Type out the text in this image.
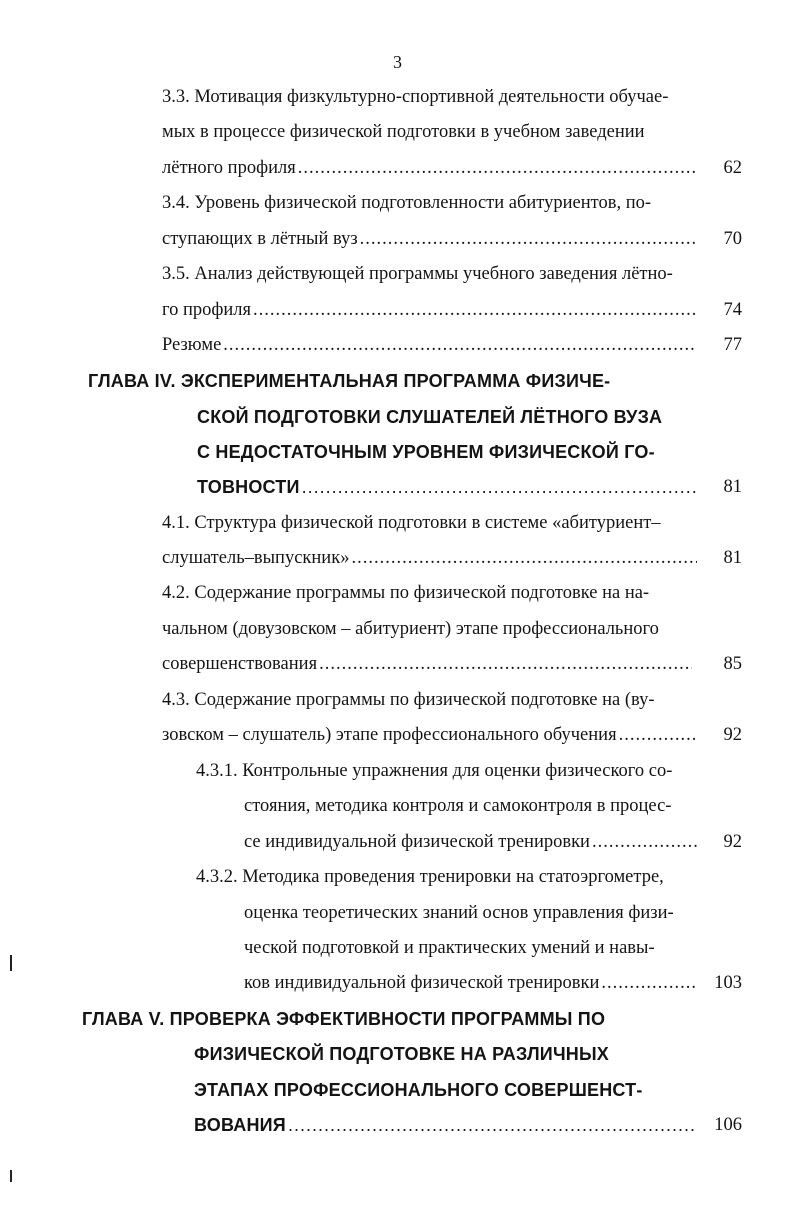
3
3.3. Мотивация физкультурно-спортивной деятельности обучае-
мых в процессе физической подготовки в учебном заведении
лётного профиля .....	62
3.4. Уровень физической подготовленности абитуриентов, по-
ступающих в лётный вуз .....	70
3.5. Анализ действующей программы учебного заведения лётно-
го профиля .....	74
Резюме .....	77
ГЛАВА IV. ЭКСПЕРИМЕНТАЛЬНАЯ ПРОГРАММА ФИЗИЧЕ-
СКОЙ ПОДГОТОВКИ СЛУШАТЕЛЕЙ ЛЁТНОГО ВУЗА
С НЕДОСТАТОЧНЫМ УРОВНЕМ ФИЗИЧЕСКОЙ ГО-
ТОВНОСТИ .....	81
4.1. Структура физической подготовки в системе «абитуриент–
слушатель–выпускник» .....	81
4.2. Содержание программы по физической подготовке на на-
чальном (довузовском – абитуриент) этапе профессионального
совершенствования .....	85
4.3. Содержание программы по физической подготовке на (ву-
зовском – слушатель) этапе профессионального обучения .....	92
4.3.1. Контрольные упражнения для оценки физического со-
стояния, методика контроля и самоконтроля в процес-
се индивидуальной физической тренировки .....	92
4.3.2. Методика проведения тренировки на статоэргометре,
оценка теоретических знаний основ управления физи-
ческой подготовкой и практических умений и навы-
ков индивидуальной физической тренировки .....	103
ГЛАВА V. ПРОВЕРКА ЭФФЕКТИВНОСТИ ПРОГРАММЫ ПО
ФИЗИЧЕСКОЙ ПОДГОТОВКЕ НА РАЗЛИЧНЫХ
ЭТАПАХ ПРОФЕССИОНАЛЬНОГО СОВЕРШЕНСТ-
ВОВАНИЯ .....	106
